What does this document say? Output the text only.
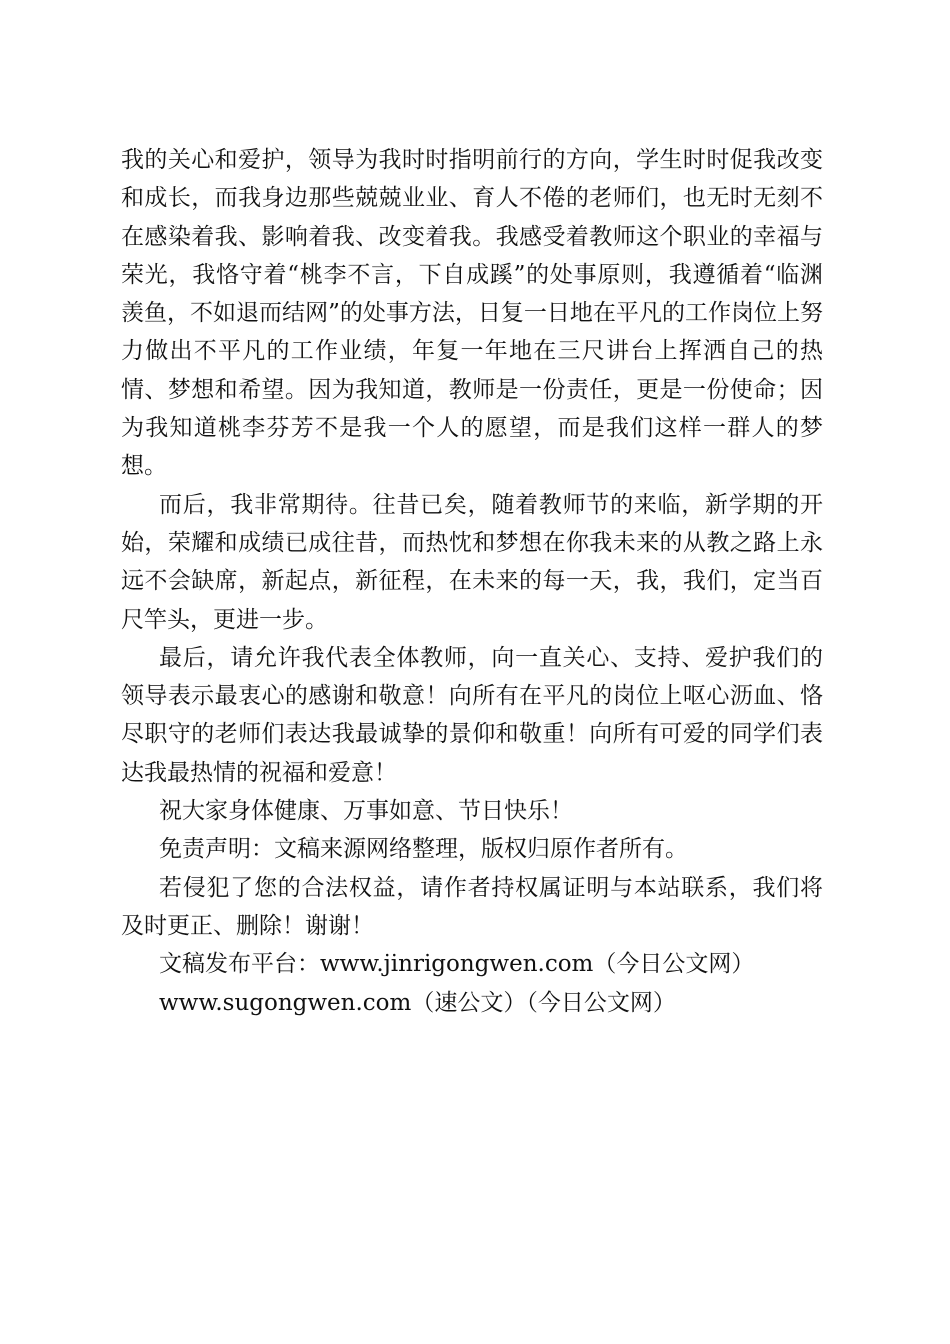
我的关心和爱护，领导为我时时指明前行的方向，学生时时促我改变和成长，而我身边那些兢兢业业、育人不倦的老师们，也无时无刻不在感染着我、影响着我、改变着我。我感受着教师这个职业的幸福与荣光，我恪守着“桃李不言，下自成蹊”的处事原则，我遵循着“临渊羡鱼，不如退而结网”的处事方法，日复一日地在平凡的工作岗位上努力做出不平凡的工作业绩，年复一年地在三尺讲台上挥洒自己的热情、梦想和希望。因为我知道，教师是一份责任，更是一份使命；因为我知道桃李芬芳不是我一个人的愿望，而是我们这样一群人的梦想。

而后，我非常期待。往昔已矣，随着教师节的来临，新学期的开始，荣耀和成绩已成往昔，而热忱和梦想在你我未来的从教之路上永远不会缺席，新起点，新征程，在未来的每一天，我，我们，定当百尺竿头，更进一步。

最后，请允许我代表全体教师，向一直关心、支持、爱护我们的领导表示最衷心的感谢和敬意！向所有在平凡的岗位上呕心沥血、恪尽职守的老师们表达我最诚挚的景仰和敬重！向所有可爱的同学们表达我最热情的祝福和爱意！

祝大家身体健康、万事如意、节日快乐！

免责声明：文稿来源网络整理，版权归原作者所有。

若侵犯了您的合法权益，请作者持权属证明与本站联系，我们将及时更正、删除！谢谢！

文稿发布平台：www.jinrigongwen.com（今日公文网）

www.sugongwen.com（速公文）（今日公文网）
